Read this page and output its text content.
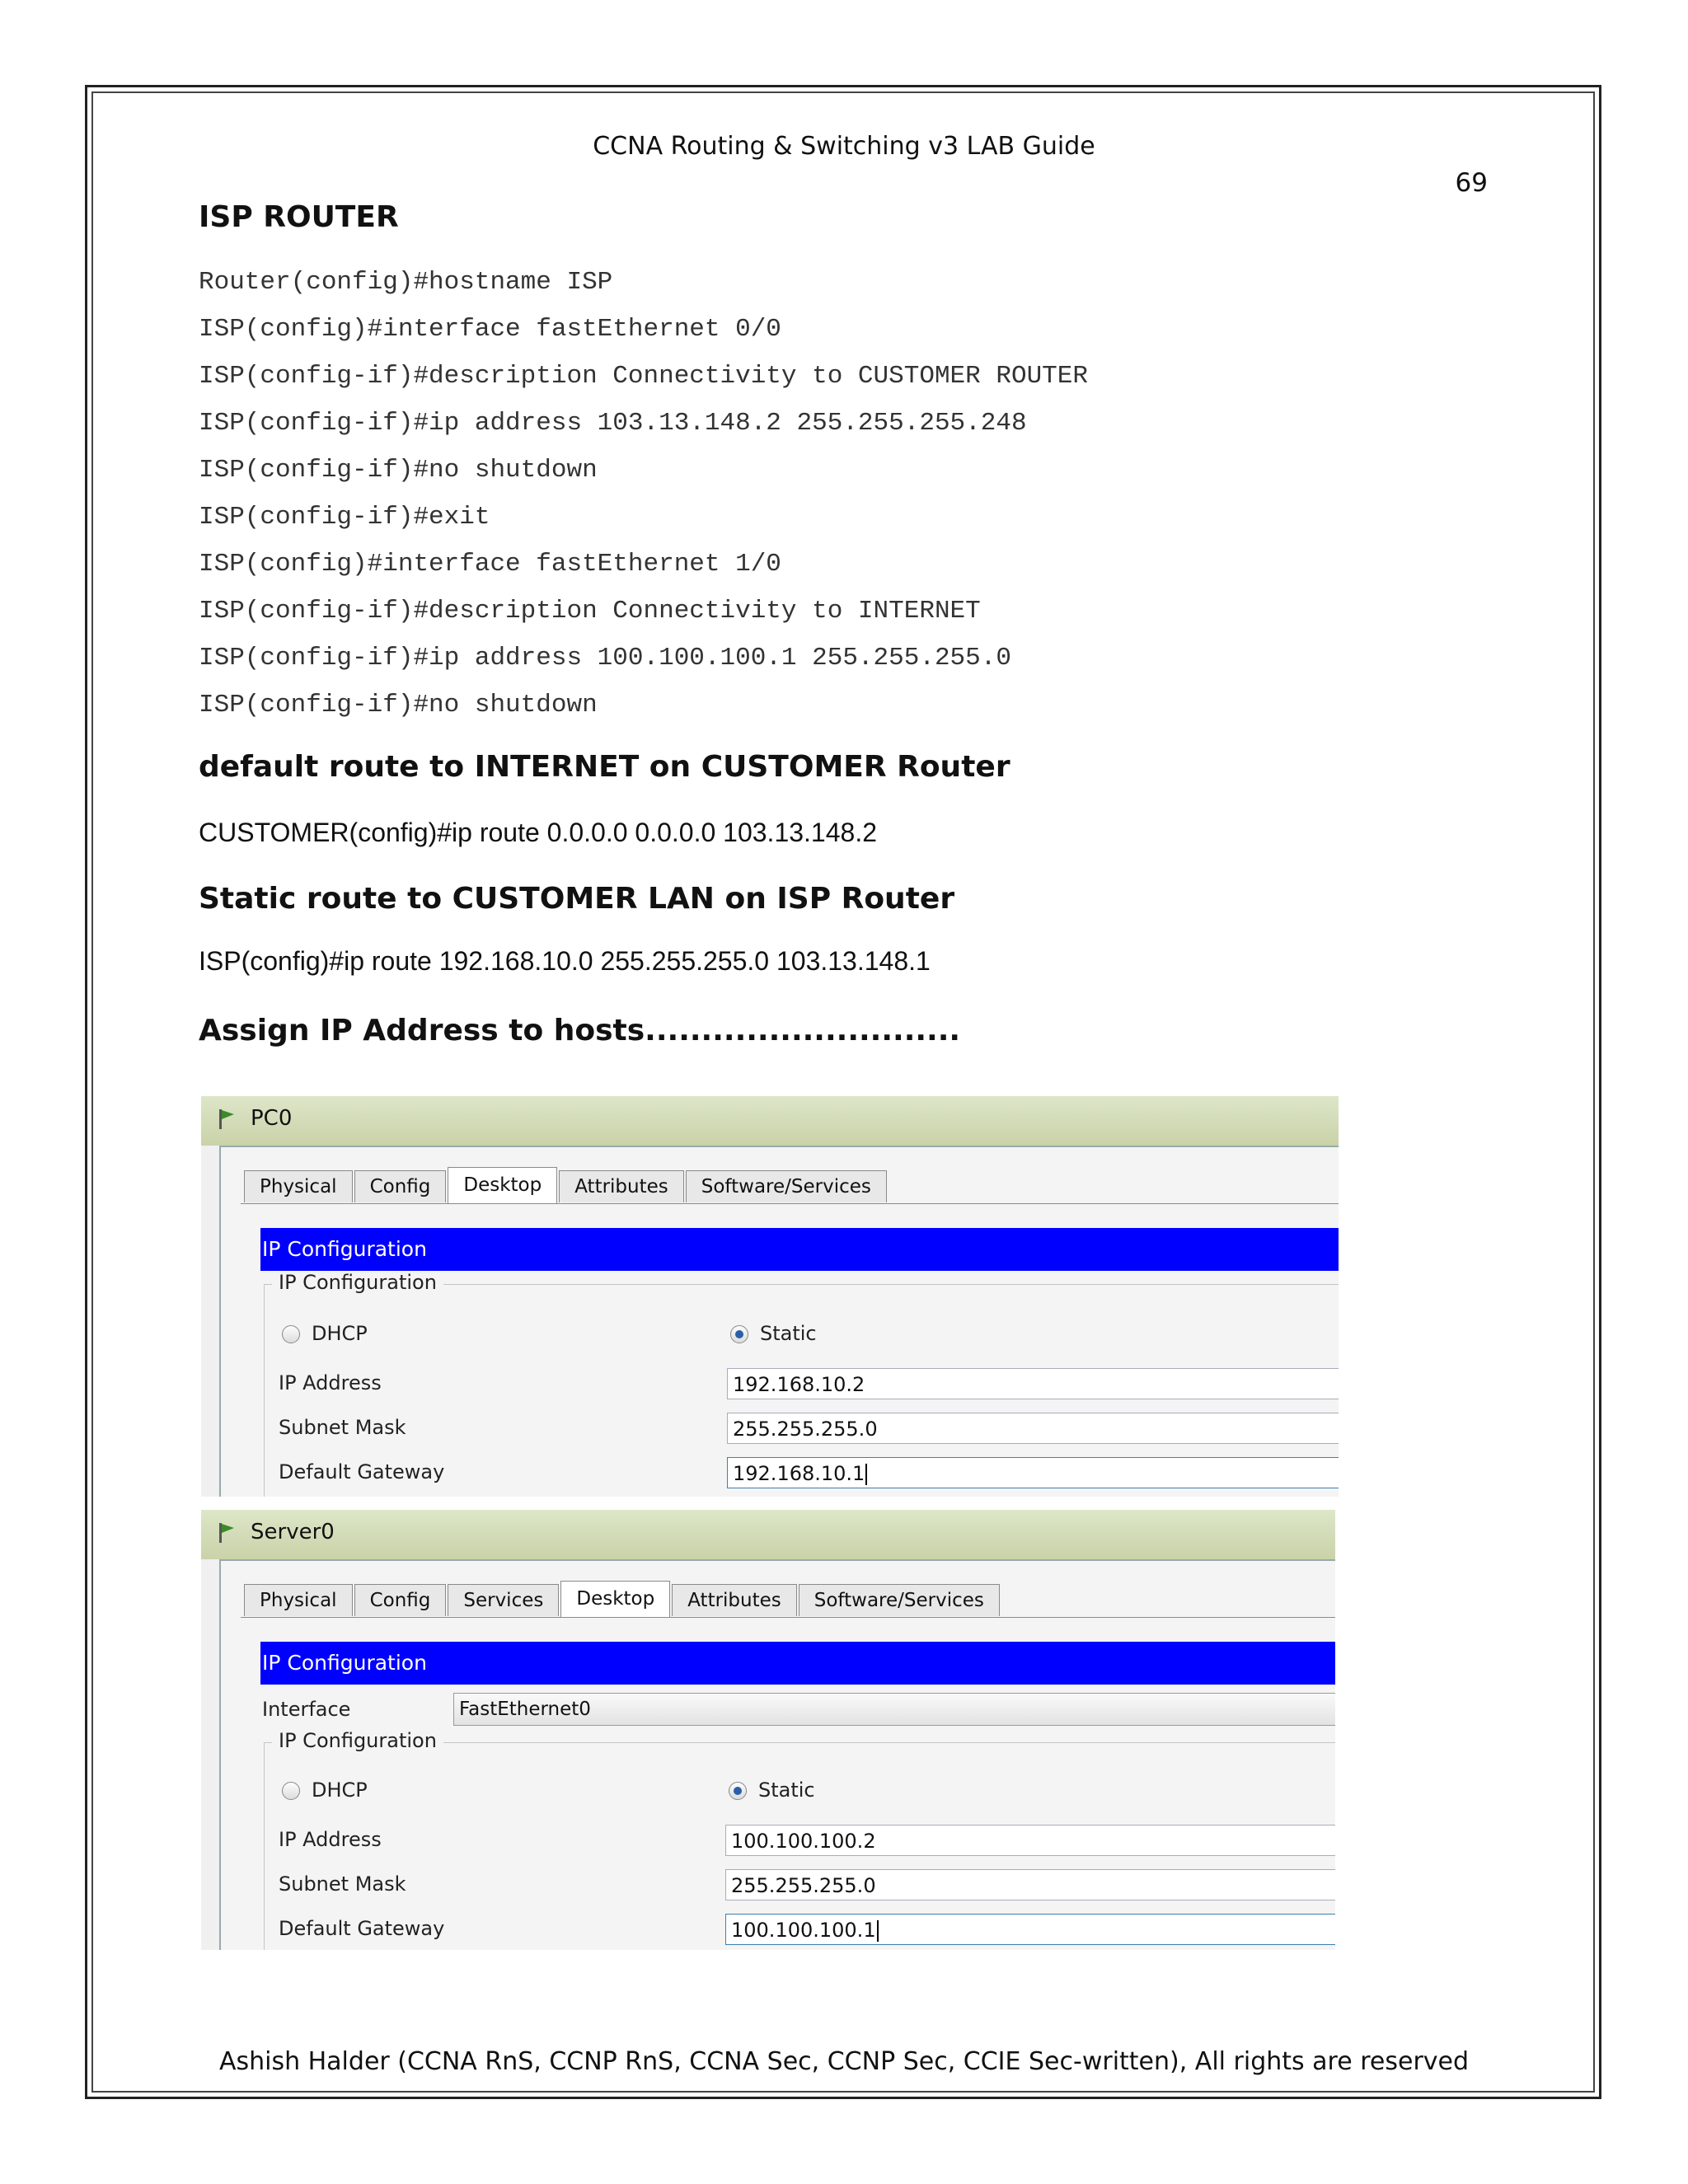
CCNA Routing & Switching v3 LAB Guide
69
ISP ROUTER
Router(config)#hostname ISP
ISP(config)#interface fastEthernet 0/0
ISP(config-if)#description Connectivity to CUSTOMER ROUTER
ISP(config-if)#ip address 103.13.148.2 255.255.255.248
ISP(config-if)#no shutdown
ISP(config-if)#exit
ISP(config)#interface fastEthernet 1/0
ISP(config-if)#description Connectivity to INTERNET
ISP(config-if)#ip address 100.100.100.1 255.255.255.0
ISP(config-if)#no shutdown
default route to INTERNET on CUSTOMER Router
CUSTOMER(config)#ip route 0.0.0.0 0.0.0.0 103.13.148.2
Static route to CUSTOMER LAN on ISP Router
ISP(config)#ip route 192.168.10.0 255.255.255.0 103.13.148.1
Assign IP Address to hosts............................
PC0
Physical	Config	Desktop	Attributes	Software/Services
IP Configuration
IP Configuration
DHCP	Static
IP Address	192.168.10.2
Subnet Mask	255.255.255.0
Default Gateway	192.168.10.1
Server0
Physical	Config	Services	Desktop	Attributes	Software/Services
IP Configuration
Interface	FastEthernet0
IP Configuration
DHCP	Static
IP Address	100.100.100.2
Subnet Mask	255.255.255.0
Default Gateway	100.100.100.1
Ashish Halder (CCNA RnS, CCNP RnS, CCNA Sec, CCNP Sec, CCIE Sec-written), All rights are reserved
